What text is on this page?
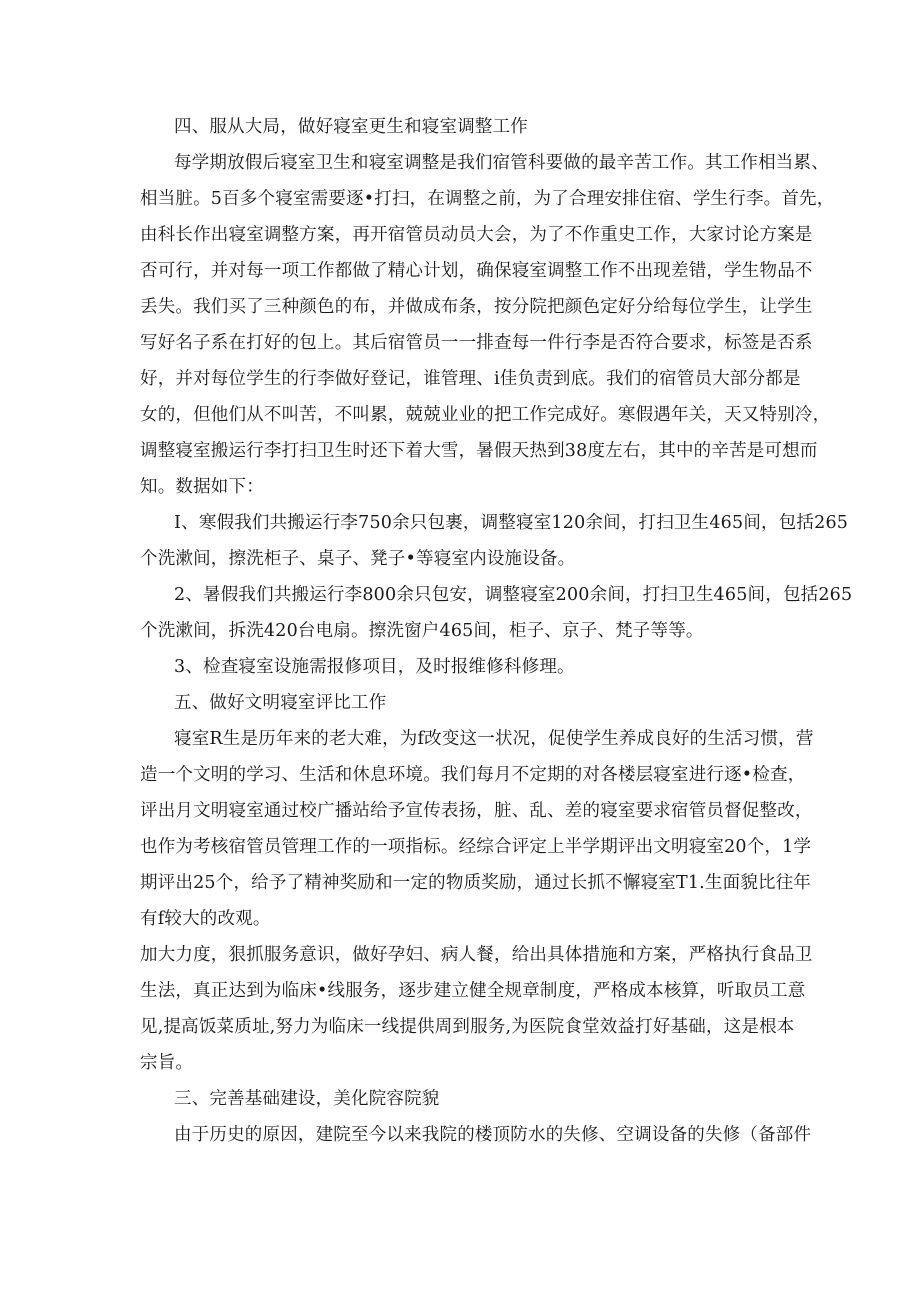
四、服从大局，做好寝室更生和寝室调整工作
每学期放假后寝室卫生和寝室调整是我们宿管科要做的最辛苦工作。其工作相当累、
相当脏。5百多个寝室需要逐•打扫，在调整之前，为了合理安排住宿、学生行李。首先，
由科长作出寝室调整方案，再开宿管员动员大会，为了不作重史工作，大家讨论方案是
否可行，并对每一项工作都做了精心计划，确保寝室调整工作不出现差错，学生物品不
丢失。我们买了三种颜色的布，并做成布条，按分院把颜色定好分给每位学生，让学生
写好名子系在打好的包上。其后宿管员一一排查每一件行李是否符合要求，标签是否系
好，并对每位学生的行李做好登记，谁管理、i佳负责到底。我们的宿管员大部分都是
女的，但他们从不叫苦，不叫累，兢兢业业的把工作完成好。寒假遇年关，天又特别冷，
调整寝室搬运行李打扫卫生时还下着大雪，暑假天热到38度左右，其中的辛苦是可想而
知。数据如下：
I、寒假我们共搬运行李750余只包裹，调整寝室120余间，打扫卫生465间，包括265
个洗漱间，擦洗柜子、桌子、凳子•等寝室内设施设备。
2、暑假我们共搬运行李800余只包安，调整寝室200余间，打扫卫生465间，包括265
个洗漱间，拆洗420台电扇。擦洗窗户465间，柜子、京子、梵子等等。
3、检查寝室设施需报修项目，及时报维修科修理。
五、做好文明寝室评比工作
寝室R生是历年来的老大难，为f改变这一状况，促使学生养成良好的生活习惯，营
造一个文明的学习、生活和休息环境。我们每月不定期的对各楼层寝室进行逐•检查，
评出月文明寝室通过校广播站给予宣传表扬，脏、乱、差的寝室要求宿管员督促整改，
也作为考核宿管员管理工作的一项指标。经综合评定上半学期评出文明寝室20个，1学
期评出25个，给予了精神奖励和一定的物质奖励，通过长抓不懈寝室T1.生面貌比往年
有f较大的改观。
加大力度，狠抓服务意识，做好孕妇、病人餐，给出具体措施和方案，严格执行食品卫
生法，真正达到为临床•线服务，逐步建立健全规章制度，严格成本核算，听取员工意
见,提高饭菜质址,努力为临床一线提供周到服务,为医院食堂效益打好基础，这是根本
宗旨。
三、完善基础建设，美化院容院貌
由于历史的原因，建院至今以来我院的楼顶防水的失修、空调设备的失修（备部件
